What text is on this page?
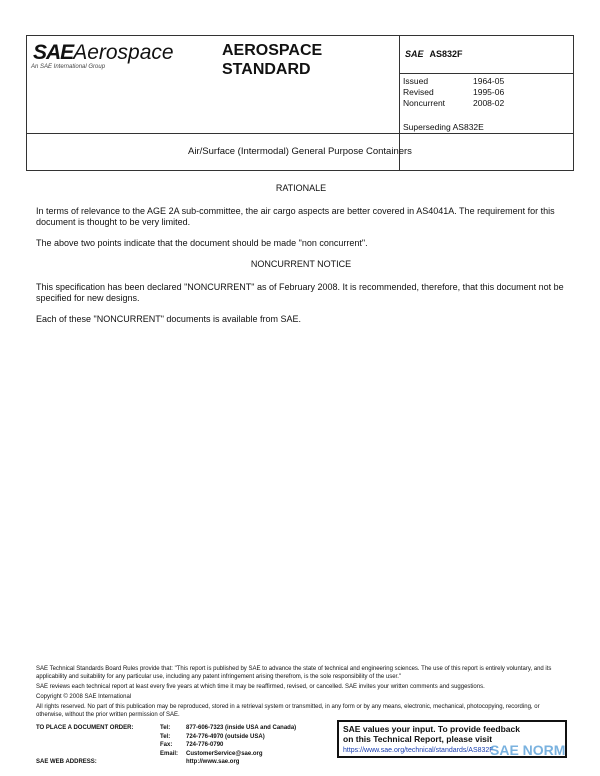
SAEAerospace
An SAE International Group
AEROSPACE
STANDARD
SAE AS832F
Issued	1964-05
Revised	1995-06
Noncurrent	2008-02
Superseding AS832E
Air/Surface (Intermodal) General Purpose Containers
RATIONALE

In terms of relevance to the AGE 2A sub-committee, the air cargo aspects are better covered in AS4041A. The requirement for this document is thought to be very limited.

The above two points indicate that the document should be made "non concurrent".

NONCURRENT NOTICE

This specification has been declared "NONCURRENT" as of February 2008. It is recommended, therefore, that this document not be specified for new designs.

Each of these "NONCURRENT" documents is available from SAE.

SAE Technical Standards Board Rules provide that: "This report is published by SAE to advance the state of technical and engineering sciences. The use of this report is entirely voluntary, and its applicability and suitability for any particular use, including any patent infringement arising therefrom, is the sole responsibility of the user."

SAE reviews each technical report at least every five years at which time it may be reaffirmed, revised, or cancelled. SAE invites your written comments and suggestions.

Copyright © 2008 SAE International

All rights reserved. No part of this publication may be reproduced, stored in a retrieval system or transmitted, in any form or by any means, electronic, mechanical, photocopying, recording, or otherwise, without the prior written permission of SAE.

TO PLACE A DOCUMENT ORDER:
SAE WEB ADDRESS:
Tel:	877-606-7323 (inside USA and Canada)
Tel:	724-776-4970 (outside USA)
Fax: 724-776-0790
Email: CustomerService@sae.org
http://www.sae.org
SAE values your input. To provide feedback
on this Technical Report, please visit
https://www.sae.org/technical/standards/AS832F
SAE NORM
